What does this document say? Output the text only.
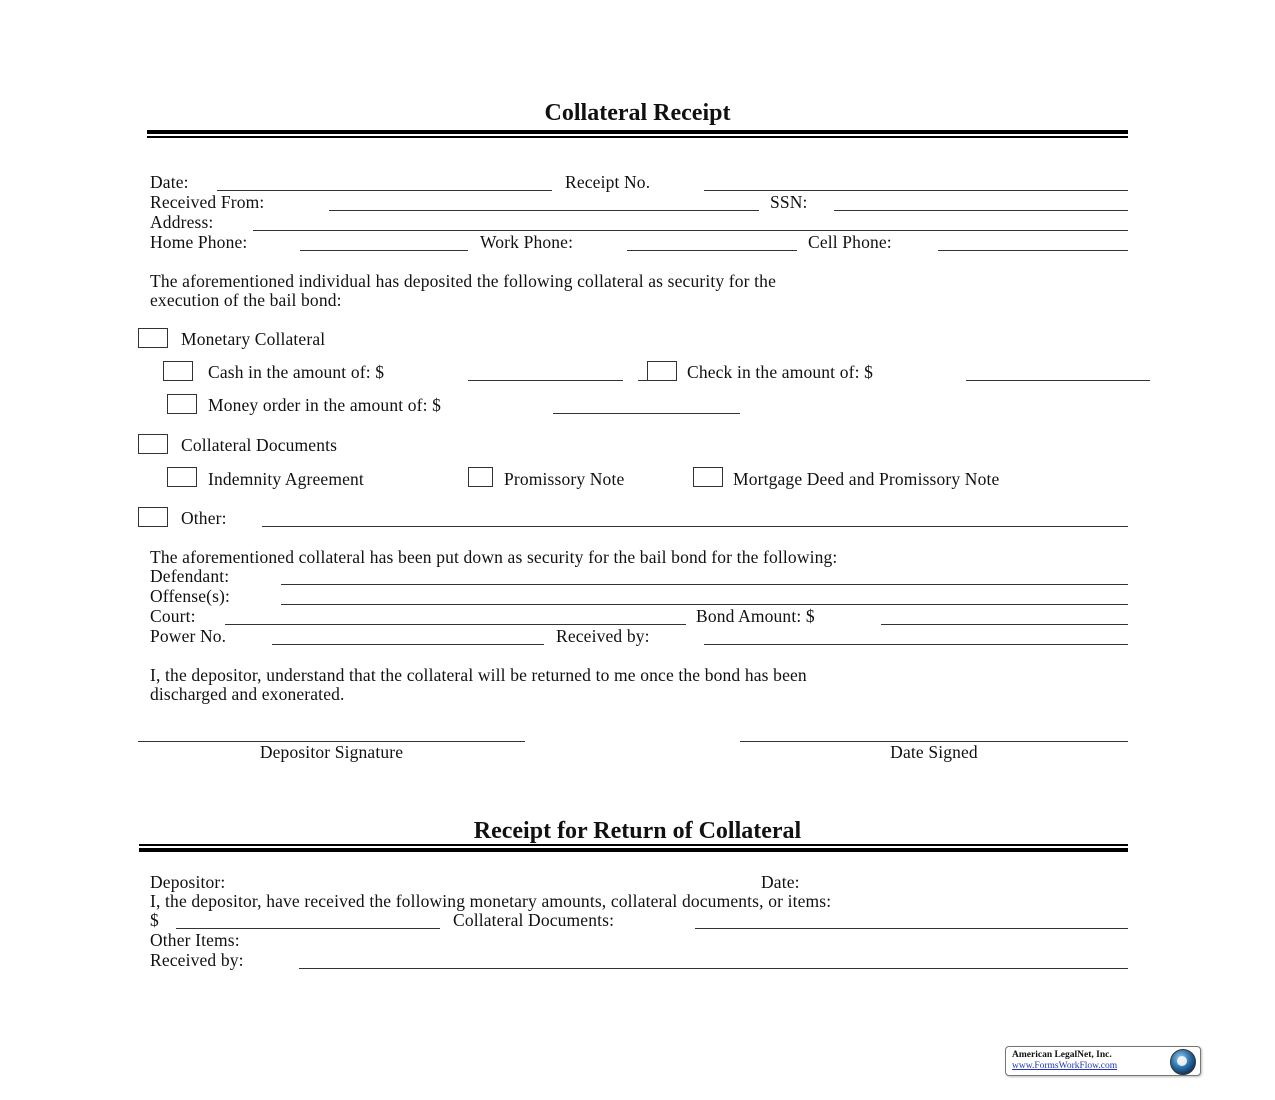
Collateral Receipt
Date:	Receipt No.
Received From:	SSN:
Address:
Home Phone:	Work Phone:	Cell Phone:
The aforementioned individual has deposited the following collateral as security for the
execution of the bail bond:
Monetary Collateral
Cash in the amount of: $	Check in the amount of: $
Money order in the amount of: $
Collateral Documents
Indemnity Agreement	Promissory Note	Mortgage Deed and Promissory Note
Other:
The aforementioned collateral has been put down as security for the bail bond for the following:
Defendant:
Offense(s):
Court:	Bond Amount: $
Power No.	Received by:
I, the depositor, understand that the collateral will be returned to me once the bond has been
discharged and exonerated.
Depositor Signature	Date Signed
Receipt for Return of Collateral
Depositor:	Date:
I, the depositor, have received the following monetary amounts, collateral documents, or items:
$	Collateral Documents:
Other Items:
Received by:
American LegalNet, Inc.
www.FormsWorkFlow.com
